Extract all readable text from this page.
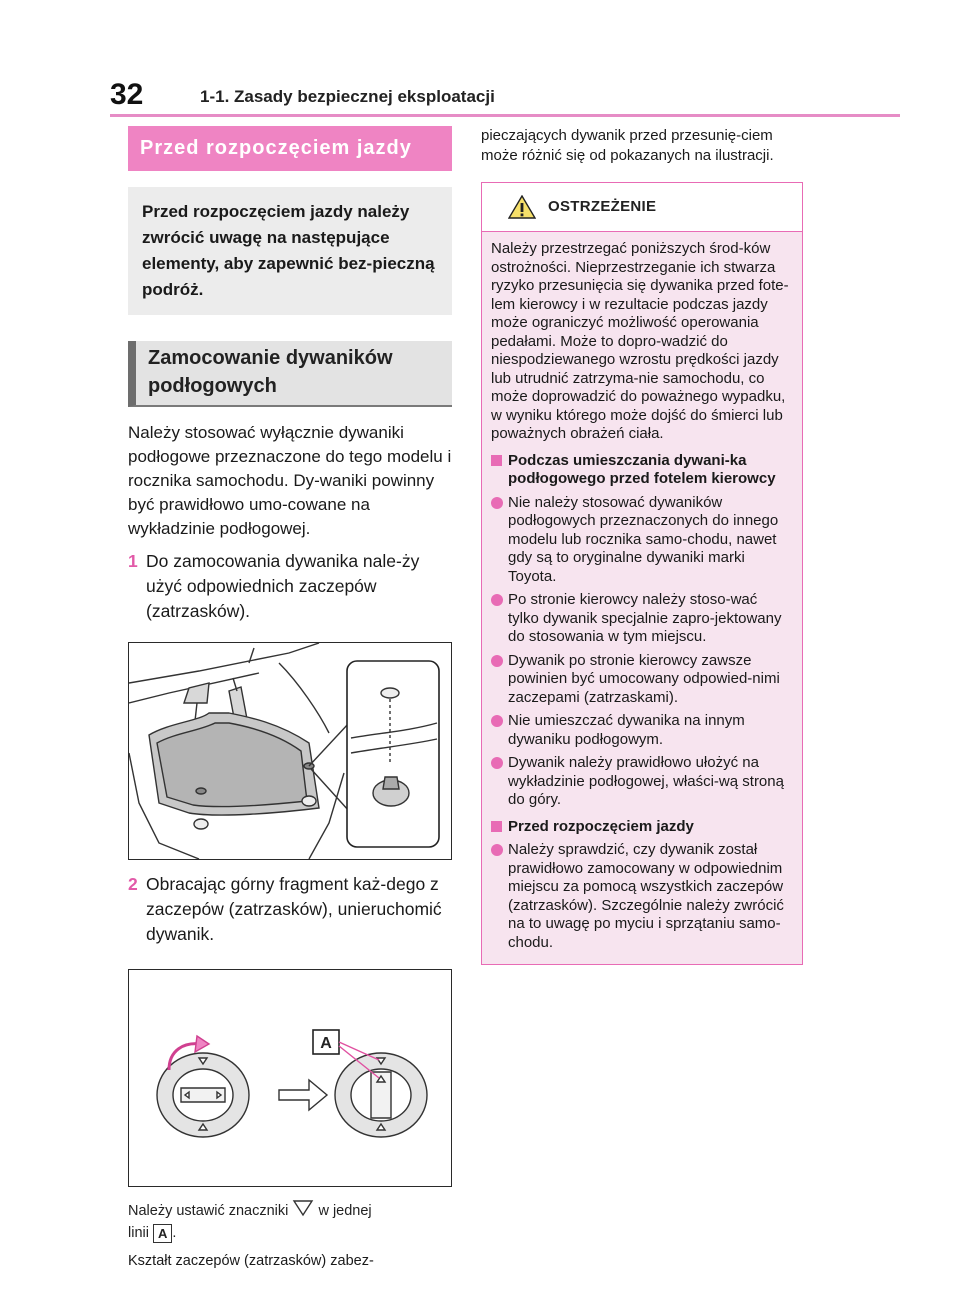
32	1-1. Zasady bezpiecznej eksploatacji
Przed rozpoczęciem jazdy
Przed rozpoczęciem jazdy należy zwrócić uwagę na następujące elementy, aby zapewnić bez-pieczną podróż.
Zamocowanie dywaników podłogowych
Należy stosować wyłącznie dywaniki podłogowe przeznaczone do tego modelu i rocznika samochodu. Dy-waniki powinny być prawidłowo umo-cowane na wykładzinie podłogowej.
1 Do zamocowania dywanika nale-ży użyć odpowiednich zaczepów (zatrzasków).
2 Obracając górny fragment każ-dego z zaczepów (zatrzasków), unieruchomić dywanik.
A
Należy ustawić znaczniki w jednej
linii A .
Kształt zaczepów (zatrzasków) zabez-
pieczających dywanik przed przesunię-ciem może różnić się od pokazanych na ilustracji.
OSTRZEŻENIE
Należy przestrzegać poniższych środ-ków ostrożności. Nieprzestrzeganie ich stwarza ryzyko przesunięcia się dywanika przed fote-lem kierowcy i w rezultacie podczas jazdy może ograniczyć możliwość operowania pedałami. Może to dopro-wadzić do niespodziewanego wzrostu prędkości jazdy lub utrudnić zatrzyma-nie samochodu, co może doprowadzić do poważnego wypadku, w wyniku którego może dojść do śmierci lub poważnych obrażeń ciała.
Podczas umieszczania dywani-ka podłogowego przed fotelem kierowcy
Nie należy stosować dywaników podłogowych przeznaczonych do innego modelu lub rocznika samo-chodu, nawet gdy są to oryginalne dywaniki marki Toyota.
Po stronie kierowcy należy stoso-wać tylko dywanik specjalnie zapro-jektowany do stosowania w tym miejscu.
Dywanik po stronie kierowcy zawsze powinien być umocowany odpowied-nimi zaczepami (zatrzaskami).
Nie umieszczać dywanika na innym dywaniku podłogowym.
Dywanik należy prawidłowo ułożyć na wykładzinie podłogowej, właści-wą stroną do góry.
Przed rozpoczęciem jazdy
Należy sprawdzić, czy dywanik został prawidłowo zamocowany w odpowiednim miejscu za pomocą wszystkich zaczepów (zatrzasków). Szczególnie należy zwrócić na to uwagę po myciu i sprzątaniu samo-chodu.
